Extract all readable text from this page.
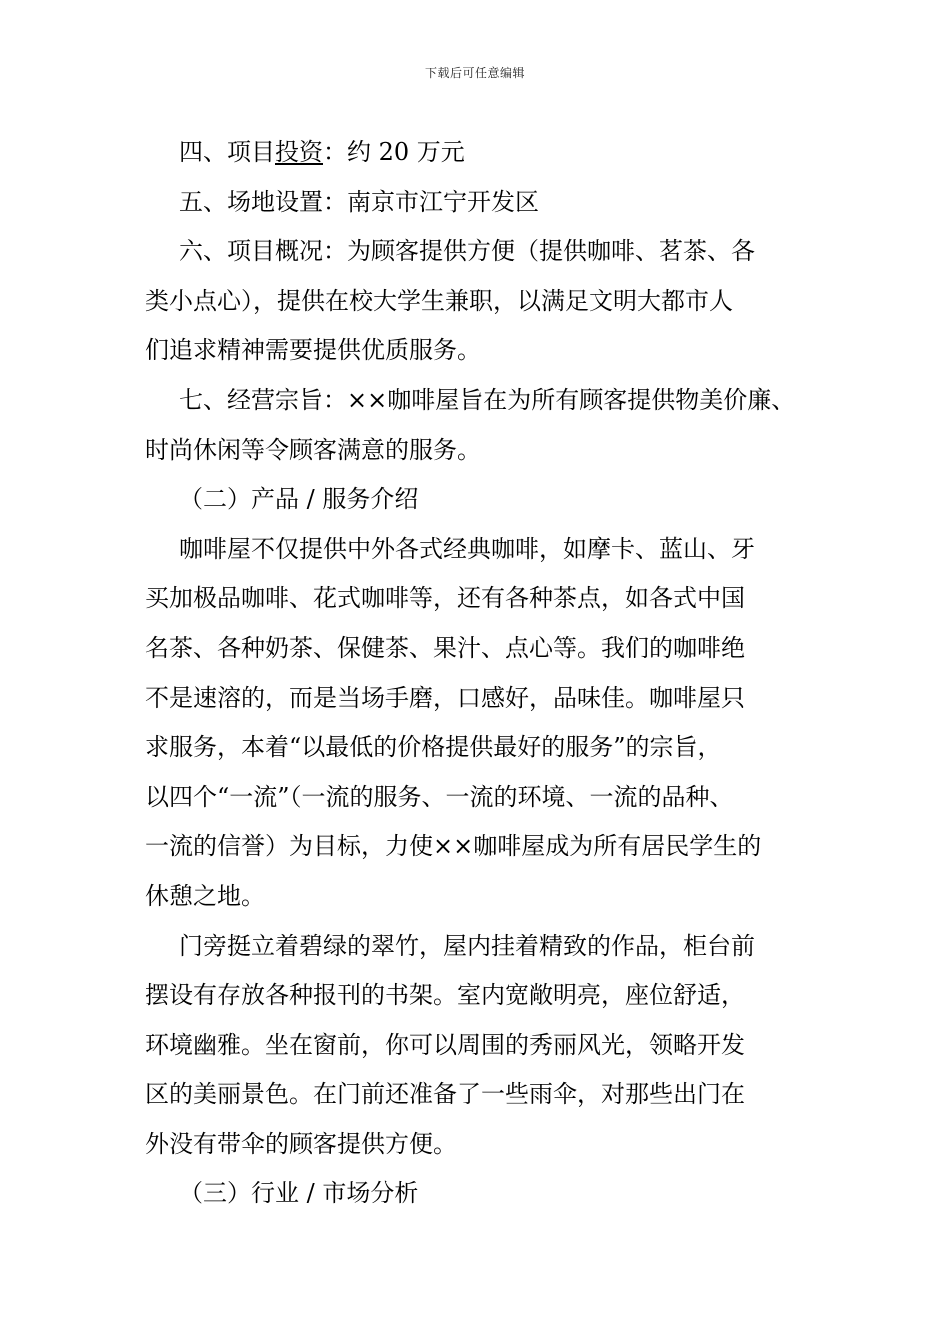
下载后可任意编辑

四、项目投资：约 20 万元

五、场地设置：南京市江宁开发区

六、项目概况：为顾客提供方便（提供咖啡、茗茶、各
类小点心），提供在校大学生兼职，以满足文明大都市人
们追求精神需要提供优质服务。

七、经营宗旨：××咖啡屋旨在为所有顾客提供物美价廉、
时尚休闲等令顾客满意的服务。

（二）产品 / 服务介绍

咖啡屋不仅提供中外各式经典咖啡，如摩卡、蓝山、牙
买加极品咖啡、花式咖啡等，还有各种茶点，如各式中国
名茶、各种奶茶、保健茶、果汁、点心等。我们的咖啡绝
不是速溶的，而是当场手磨，口感好，品味佳。咖啡屋只
求服务，本着“以最低的价格提供最好的服务”的宗旨，
以四个“一流”（一流的服务、一流的环境、一流的品种、
一流的信誉）为目标，力使××咖啡屋成为所有居民学生的
休憩之地。

门旁挺立着碧绿的翠竹，屋内挂着精致的作品，柜台前
摆设有存放各种报刊的书架。室内宽敞明亮，座位舒适，
环境幽雅。坐在窗前，你可以周围的秀丽风光，领略开发
区的美丽景色。在门前还准备了一些雨伞，对那些出门在
外没有带伞的顾客提供方便。

（三）行业 / 市场分析
